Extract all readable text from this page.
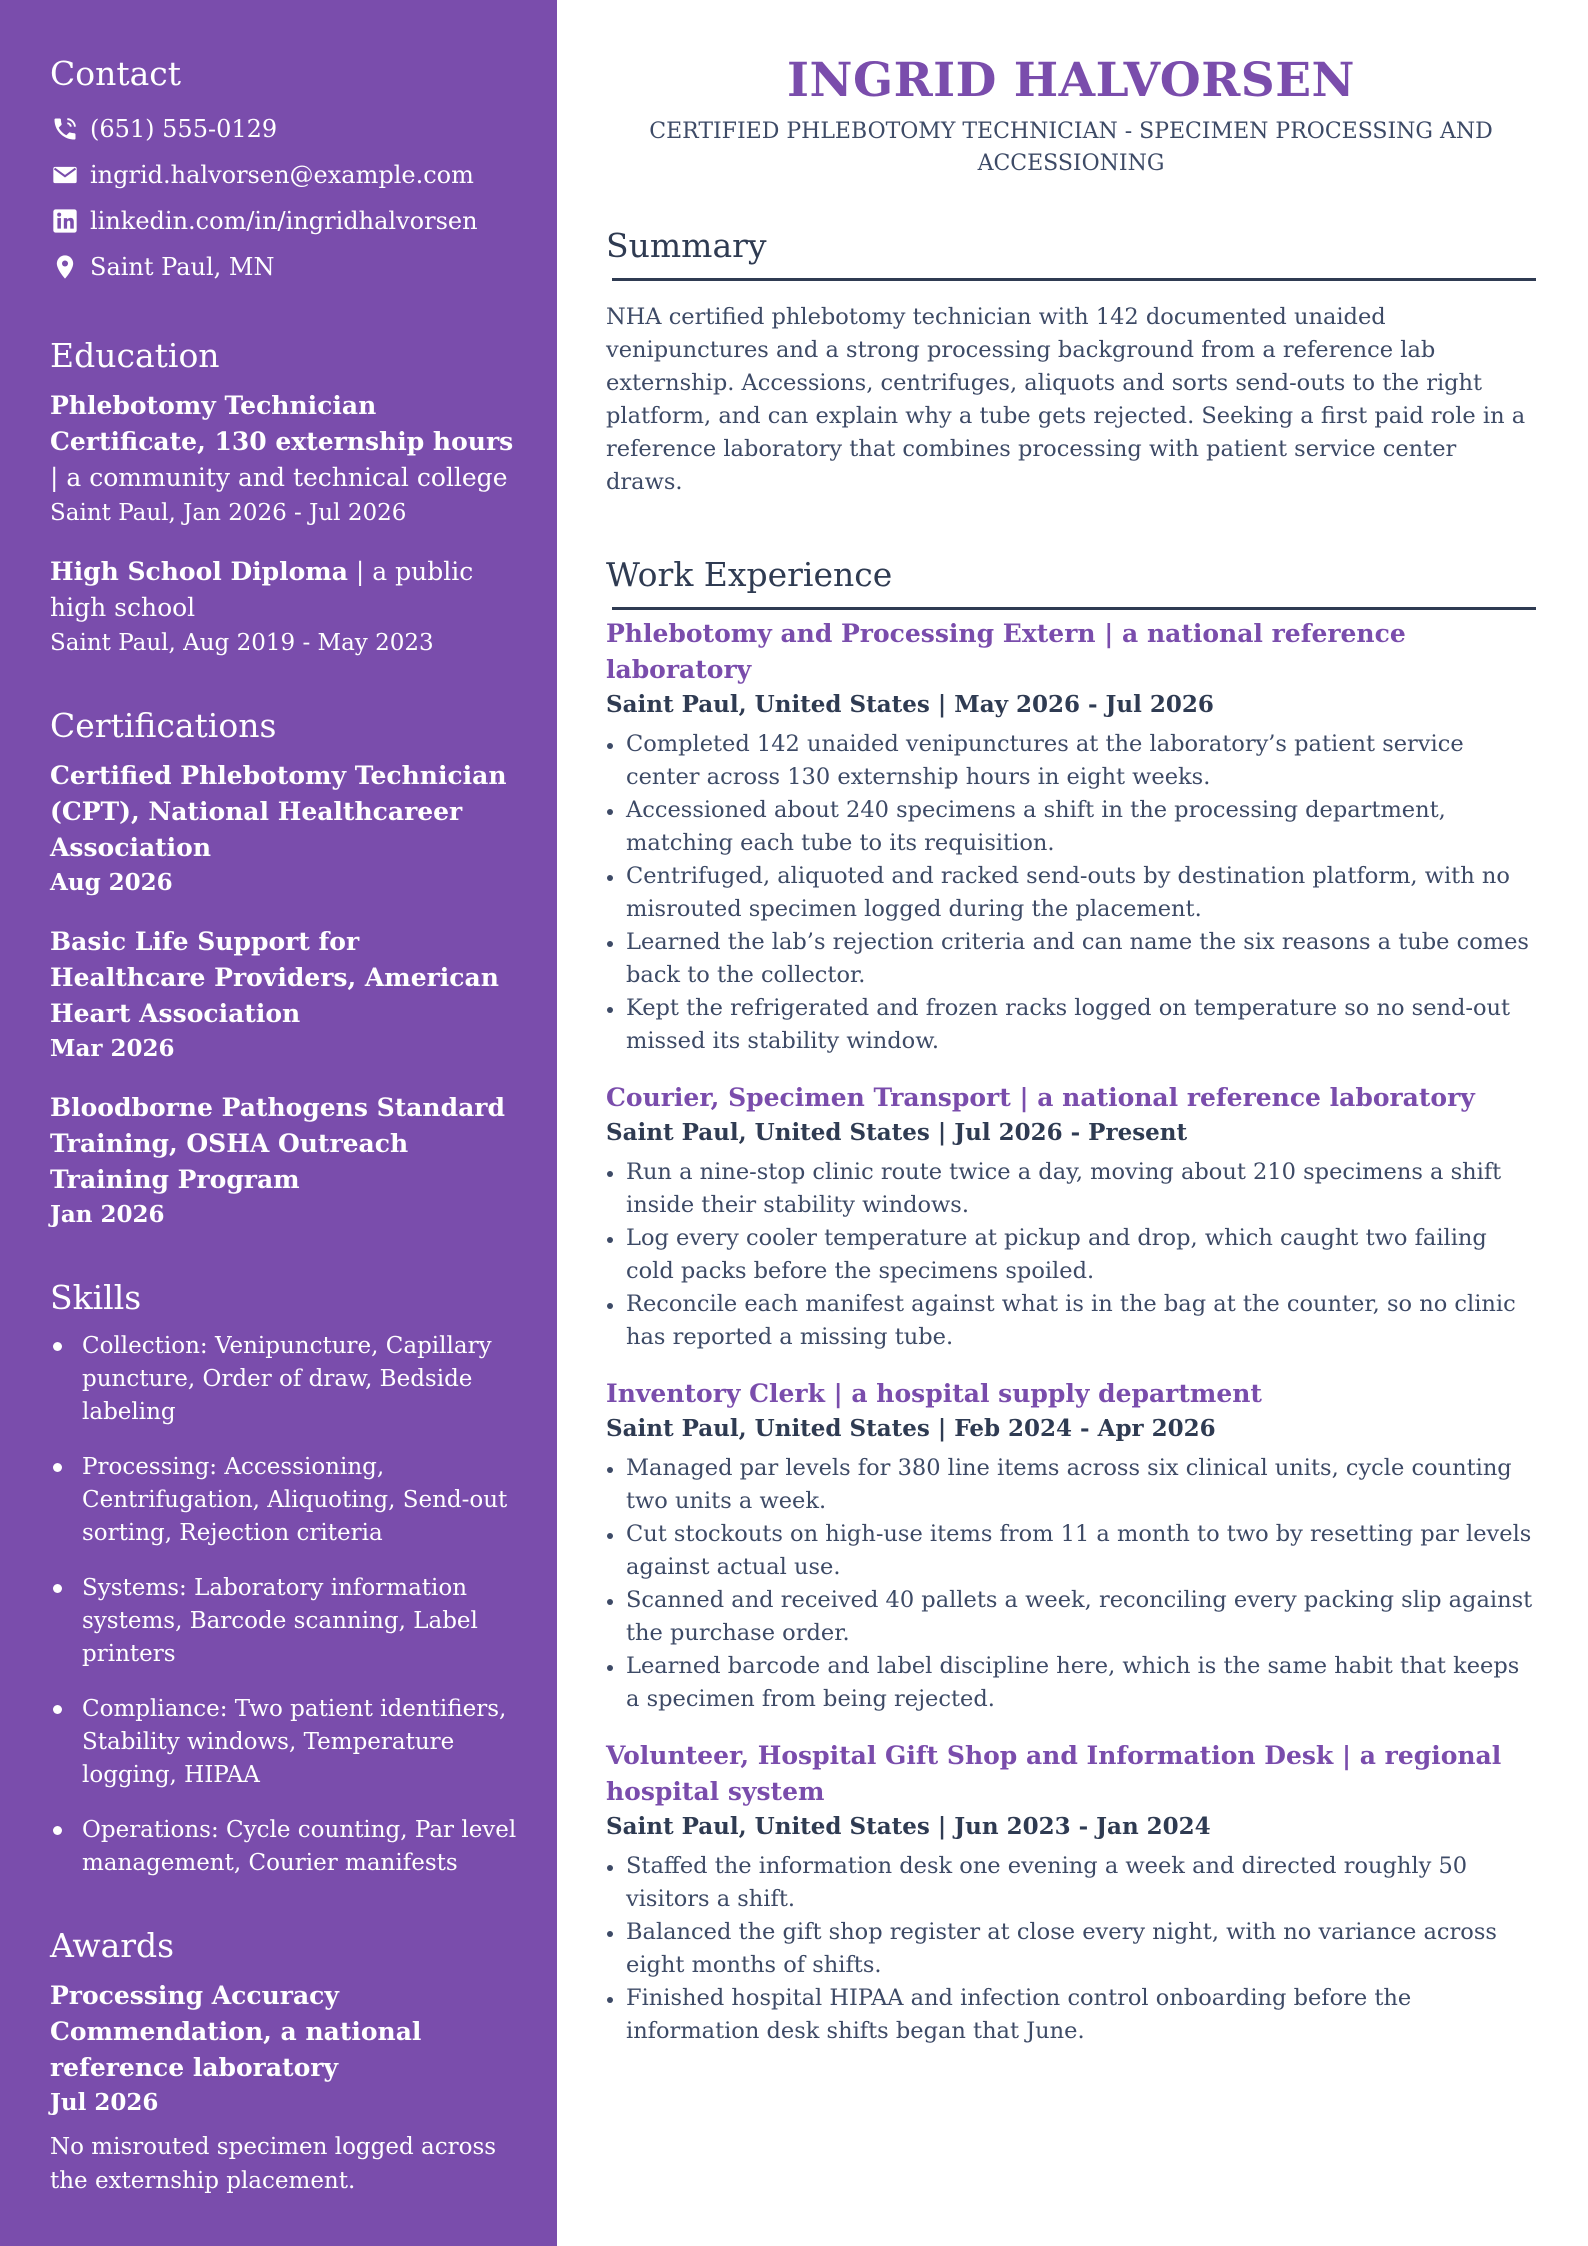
Contact
(651) 555-0129
ingrid.halvorsen@example.com
linkedin.com/in/ingridhalvorsen
Saint Paul, MN
Education
Phlebotomy Technician Certificate, 130 externship hours | a community and technical college
Saint Paul, Jan 2026 - Jul 2026
High School Diploma | a public high school
Saint Paul, Aug 2019 - May 2023
Certifications
Certified Phlebotomy Technician (CPT), National Healthcareer Association
Aug 2026
Basic Life Support for Healthcare Providers, American Heart Association
Mar 2026
Bloodborne Pathogens Standard Training, OSHA Outreach Training Program
Jan 2026
Skills
Collection: Venipuncture, Capillary puncture, Order of draw, Bedside labeling
Processing: Accessioning, Centrifugation, Aliquoting, Send-out sorting, Rejection criteria
Systems: Laboratory information systems, Barcode scanning, Label printers
Compliance: Two patient identifiers, Stability windows, Temperature logging, HIPAA
Operations: Cycle counting, Par level management, Courier manifests
Awards
Processing Accuracy Commendation, a national reference laboratory
Jul 2026
No misrouted specimen logged across the externship placement.
INGRID HALVORSEN
CERTIFIED PHLEBOTOMY TECHNICIAN - SPECIMEN PROCESSING AND ACCESSIONING
Summary
NHA certified phlebotomy technician with 142 documented unaided venipunctures and a strong processing background from a reference lab externship. Accessions, centrifuges, aliquots and sorts send-outs to the right platform, and can explain why a tube gets rejected. Seeking a first paid role in a reference laboratory that combines processing with patient service center draws.
Work Experience
Phlebotomy and Processing Extern | a national reference laboratory
Saint Paul, United States | May 2026 - Jul 2026
Completed 142 unaided venipunctures at the laboratory’s patient service center across 130 externship hours in eight weeks.
Accessioned about 240 specimens a shift in the processing department, matching each tube to its requisition.
Centrifuged, aliquoted and racked send-outs by destination platform, with no misrouted specimen logged during the placement.
Learned the lab’s rejection criteria and can name the six reasons a tube comes back to the collector.
Kept the refrigerated and frozen racks logged on temperature so no send-out missed its stability window.
Courier, Specimen Transport | a national reference laboratory
Saint Paul, United States | Jul 2026 - Present
Run a nine-stop clinic route twice a day, moving about 210 specimens a shift inside their stability windows.
Log every cooler temperature at pickup and drop, which caught two failing cold packs before the specimens spoiled.
Reconcile each manifest against what is in the bag at the counter, so no clinic has reported a missing tube.
Inventory Clerk | a hospital supply department
Saint Paul, United States | Feb 2024 - Apr 2026
Managed par levels for 380 line items across six clinical units, cycle counting two units a week.
Cut stockouts on high-use items from 11 a month to two by resetting par levels against actual use.
Scanned and received 40 pallets a week, reconciling every packing slip against the purchase order.
Learned barcode and label discipline here, which is the same habit that keeps a specimen from being rejected.
Volunteer, Hospital Gift Shop and Information Desk | a regional hospital system
Saint Paul, United States | Jun 2023 - Jan 2024
Staffed the information desk one evening a week and directed roughly 50 visitors a shift.
Balanced the gift shop register at close every night, with no variance across eight months of shifts.
Finished hospital HIPAA and infection control onboarding before the information desk shifts began that June.
